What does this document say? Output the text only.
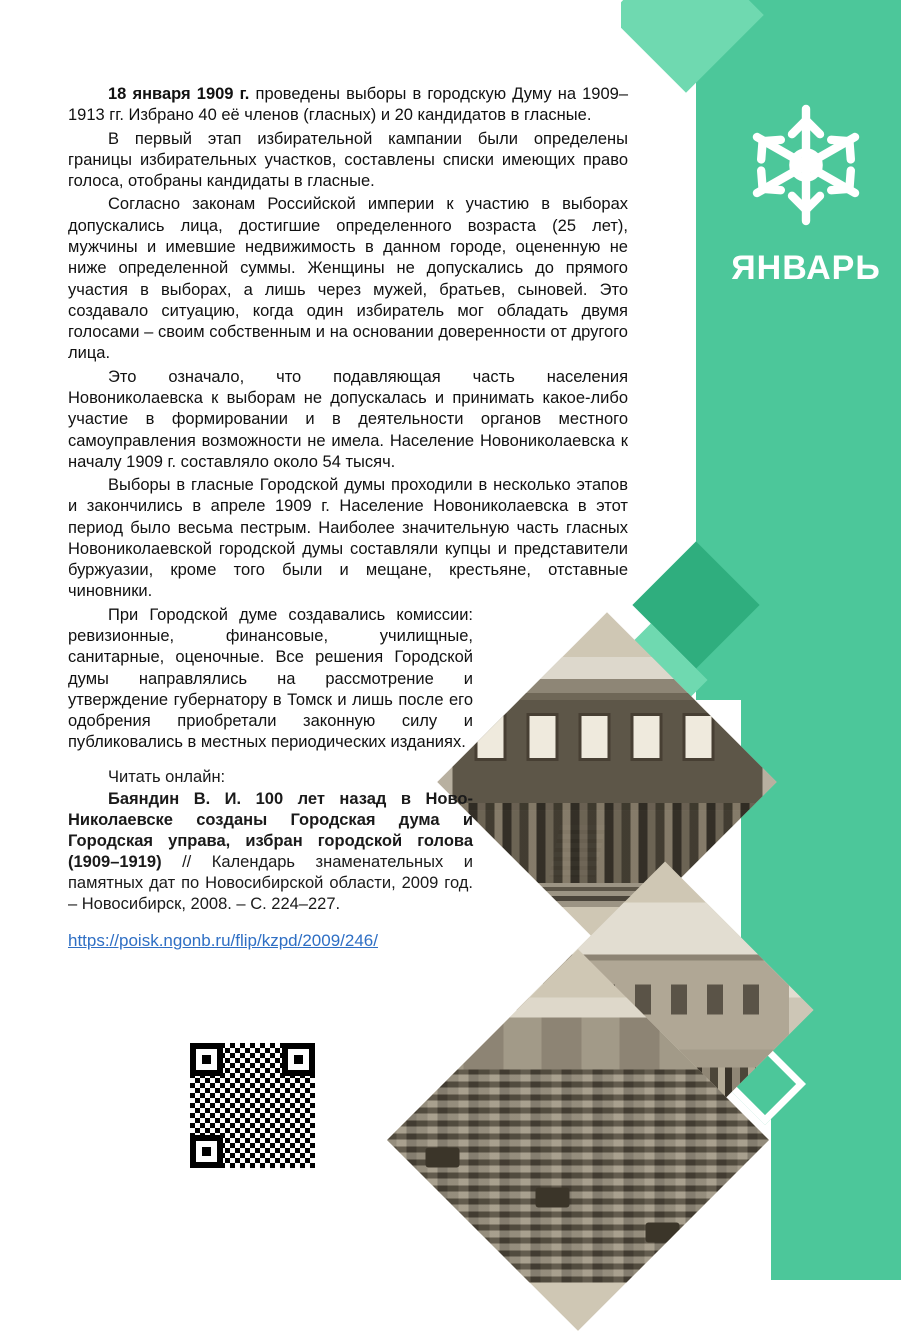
ЯНВАРЬ

18 января 1909 г. проведены выборы в городскую Думу на 1909–1913 гг. Избрано 40 её членов (гласных) и 20 кандидатов в гласные.

В первый этап избирательной кампании были определены границы избирательных участков, составлены списки имеющих право голоса, отобраны кандидаты в гласные.

Согласно законам Российской империи к участию в выборах допускались лица, достигшие определенного возраста (25 лет), мужчины и имевшие недвижимость в данном городе, оцененную не ниже определенной суммы. Женщины не допускались до прямого участия в выборах, а лишь через мужей, братьев, сыновей. Это создавало ситуацию, когда один избиратель мог обладать двумя голосами – своим собственным и на основании доверенности от другого лица.

Это означало, что подавляющая часть населения Новониколаевска к выборам не допускалась и принимать какое-либо участие в формировании и в деятельности органов местного самоуправления возможности не имела. Население Новониколаевска к началу 1909 г. составляло около 54 тысяч.

Выборы в гласные Городской думы проходили в несколько этапов и закончились в апреле 1909 г. Население Новониколаевска в этот период было весьма пестрым. Наиболее значительную часть гласных Новониколаевской городской думы составляли купцы и представители буржуазии, кроме того были и мещане, крестьяне, отставные чиновники.

При Городской думе создавались комиссии: ревизионные, финансовые, училищные, санитарные, оценочные. Все решения Городской думы направлялись на рассмотрение и утверждение губернатору в Томск и лишь после его одобрения приобретали законную силу и публиковались в местных периодических изданиях.

Читать онлайн:

Баяндин В. И. 100 лет назад в Ново-Николаевске созданы Городская дума и Городская управа, избран городской голова (1909–1919) // Календарь знаменательных и памятных дат по Новосибирской области, 2009 год. – Новосибирск, 2008. – С. 224–227.

https://poisk.ngonb.ru/flip/kzpd/2009/246/
